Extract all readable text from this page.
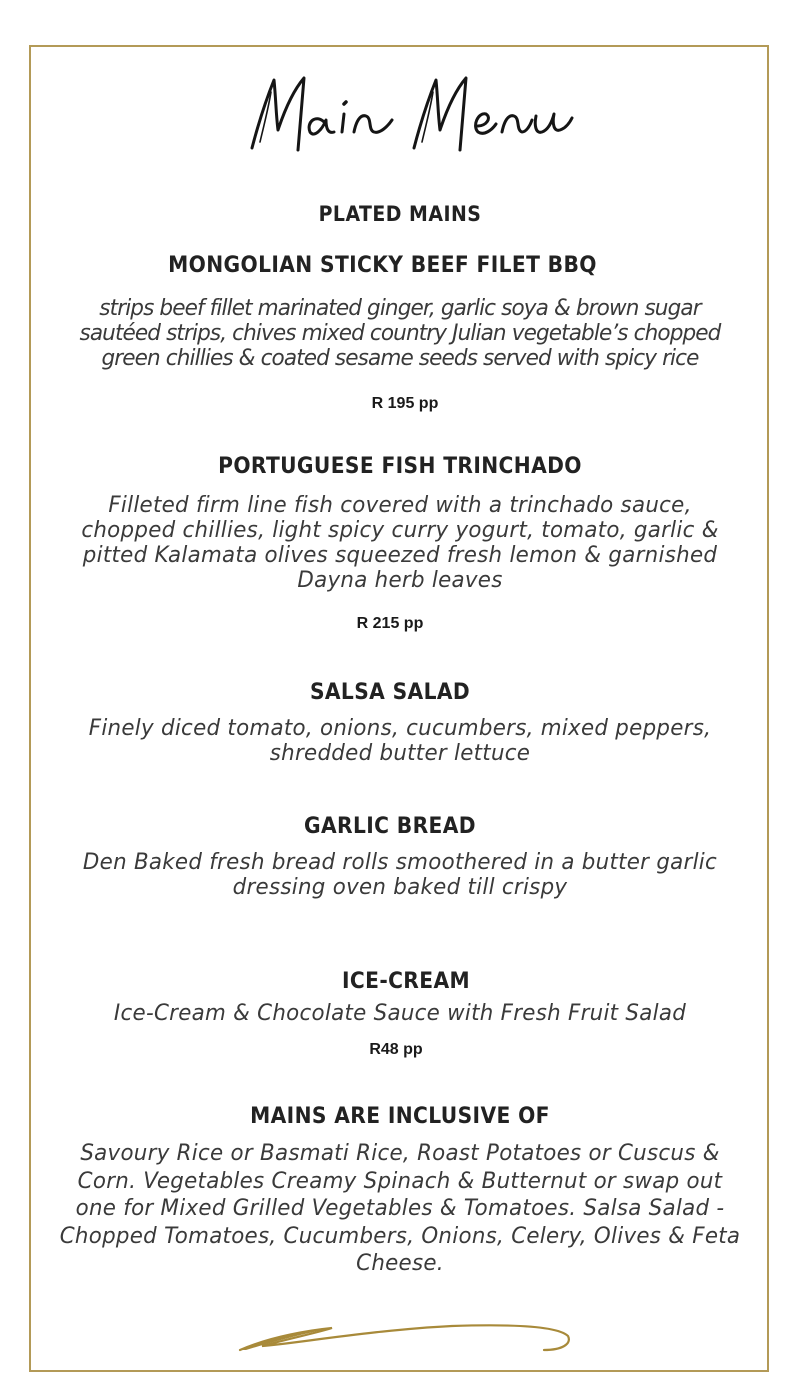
PLATED MAINS

MONGOLIAN STICKY BEEF FILET BBQ

strips beef fillet marinated ginger, garlic soya & brown sugar sautéed strips, chives mixed country Julian vegetable’s chopped green chillies & coated sesame seeds served with spicy rice

R 195 pp

PORTUGUESE FISH TRINCHADO

Filleted firm line fish covered with a trinchado sauce, chopped chillies, light spicy curry yogurt, tomato, garlic & pitted Kalamata olives squeezed fresh lemon & garnished Dayna herb leaves

R 215 pp

SALSA SALAD

Finely diced tomato, onions, cucumbers, mixed peppers, shredded butter lettuce

GARLIC BREAD

Den Baked fresh bread rolls smoothered in a butter garlic dressing oven baked till crispy

ICE-CREAM

Ice-Cream & Chocolate Sauce with Fresh Fruit Salad

R48 pp

MAINS ARE INCLUSIVE OF

Savoury Rice or Basmati Rice, Roast Potatoes or Cuscus & Corn. Vegetables Creamy Spinach & Butternut or swap out one for Mixed Grilled Vegetables & Tomatoes. Salsa Salad - Chopped Tomatoes, Cucumbers, Onions, Celery, Olives & Feta Cheese.
